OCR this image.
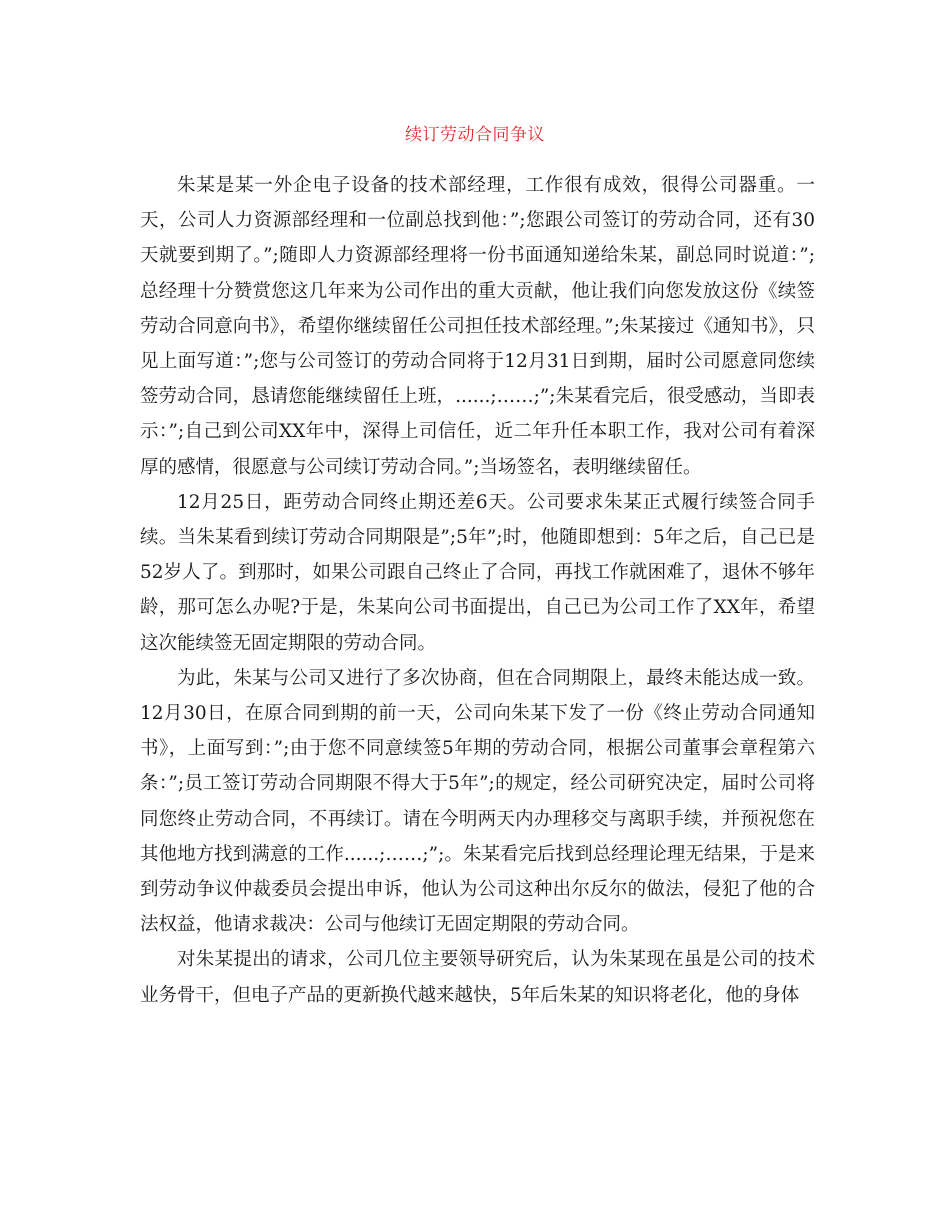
续订劳动合同争议

朱某是某一外企电子设备的技术部经理，工作很有成效，很得公司器重。一天，公司人力资源部经理和一位副总找到他：”;您跟公司签订的劳动合同，还有30天就要到期了。”;随即人力资源部经理将一份书面通知递给朱某，副总同时说道：”;总经理十分赞赏您这几年来为公司作出的重大贡献，他让我们向您发放这份《续签劳动合同意向书》，希望你继续留任公司担任技术部经理。”;朱某接过《通知书》，只见上面写道：”;您与公司签订的劳动合同将于12月31日到期，届时公司愿意同您续签劳动合同，恳请您能继续留任上班，......;……;”;朱某看完后，很受感动，当即表示：”;自己到公司XX年中，深得上司信任，近二年升任本职工作，我对公司有着深厚的感情，很愿意与公司续订劳动合同。”;当场签名，表明继续留任。

12月25日，距劳动合同终止期还差6天。公司要求朱某正式履行续签合同手续。当朱某看到续订劳动合同期限是”;5年”;时，他随即想到：5年之后，自己已是52岁人了。到那时，如果公司跟自己终止了合同，再找工作就困难了，退休不够年龄，那可怎么办呢?于是，朱某向公司书面提出，自己已为公司工作了XX年，希望这次能续签无固定期限的劳动合同。

为此，朱某与公司又进行了多次协商，但在合同期限上，最终未能达成一致。12月30日，在原合同到期的前一天，公司向朱某下发了一份《终止劳动合同通知书》，上面写到：”;由于您不同意续签5年期的劳动合同，根据公司董事会章程第六条：”;员工签订劳动合同期限不得大于5年”;的规定，经公司研究决定，届时公司将同您终止劳动合同，不再续订。请在今明两天内办理移交与离职手续，并预祝您在其他地方找到满意的工作......;……;”;。朱某看完后找到总经理论理无结果，于是来到劳动争议仲裁委员会提出申诉，他认为公司这种出尔反尔的做法，侵犯了他的合法权益，他请求裁决：公司与他续订无固定期限的劳动合同。

对朱某提出的请求，公司几位主要领导研究后，认为朱某现在虽是公司的技术业务骨干，但电子产品的更新换代越来越快，5年后朱某的知识将老化，他的身体
